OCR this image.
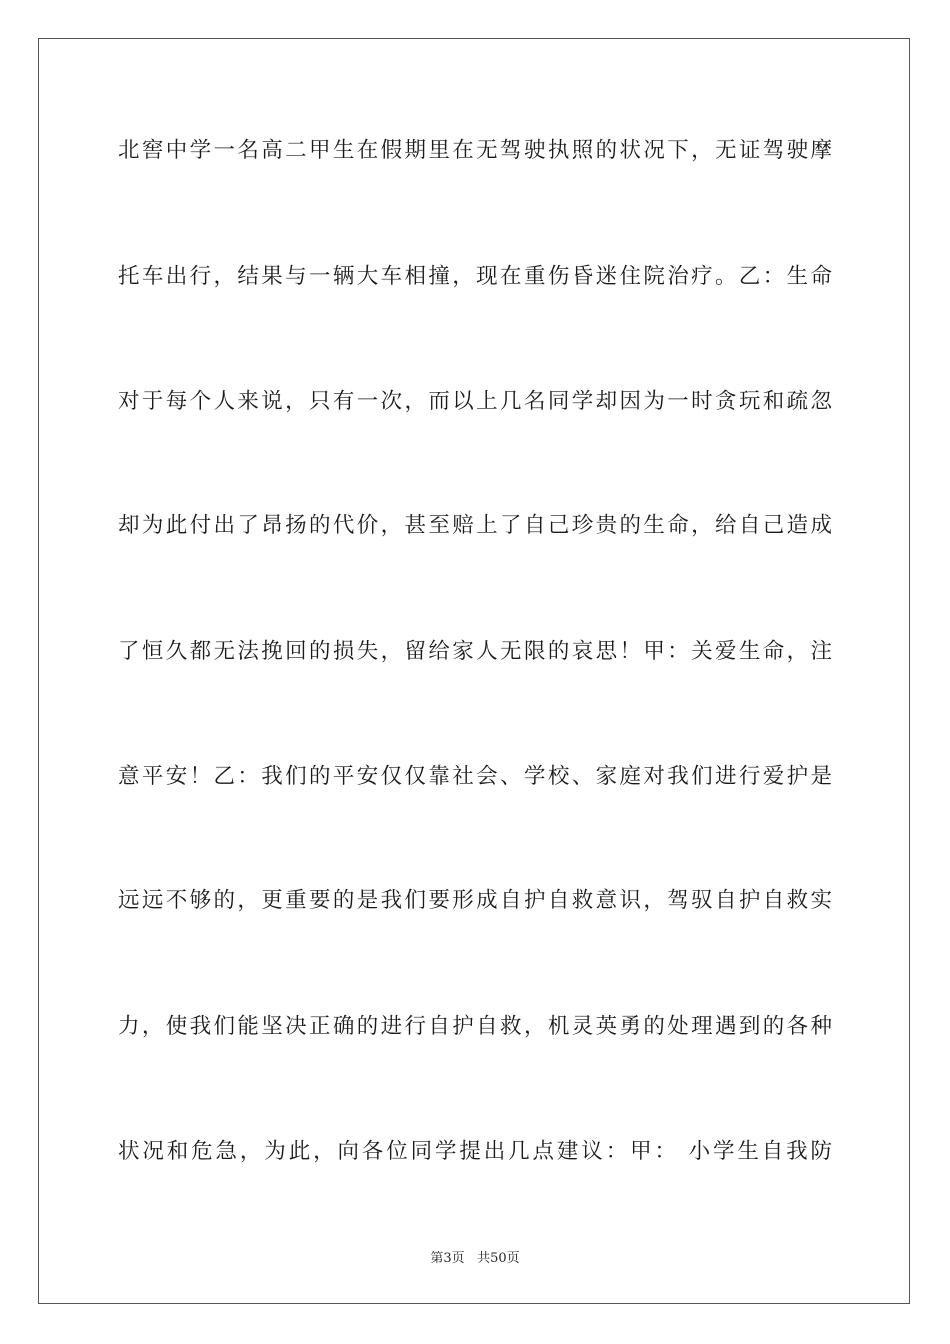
北窖中学一名高二甲生在假期里在无驾驶执照的状况下，无证驾驶摩
托车出行，结果与一辆大车相撞，现在重伤昏迷住院治疗。乙：生命
对于每个人来说，只有一次，而以上几名同学却因为一时贪玩和疏忽
却为此付出了昂扬的代价，甚至赔上了自己珍贵的生命，给自己造成
了恒久都无法挽回的损失，留给家人无限的哀思！甲：关爱生命，注
意平安！乙：我们的平安仅仅靠社会、学校、家庭对我们进行爱护是
远远不够的，更重要的是我们要形成自护自救意识，驾驭自护自救实
力，使我们能坚决正确的进行自护自救，机灵英勇的处理遇到的各种
状况和危急，为此，向各位同学提出几点建议：甲： 小学生自我防
第3页 共50页
